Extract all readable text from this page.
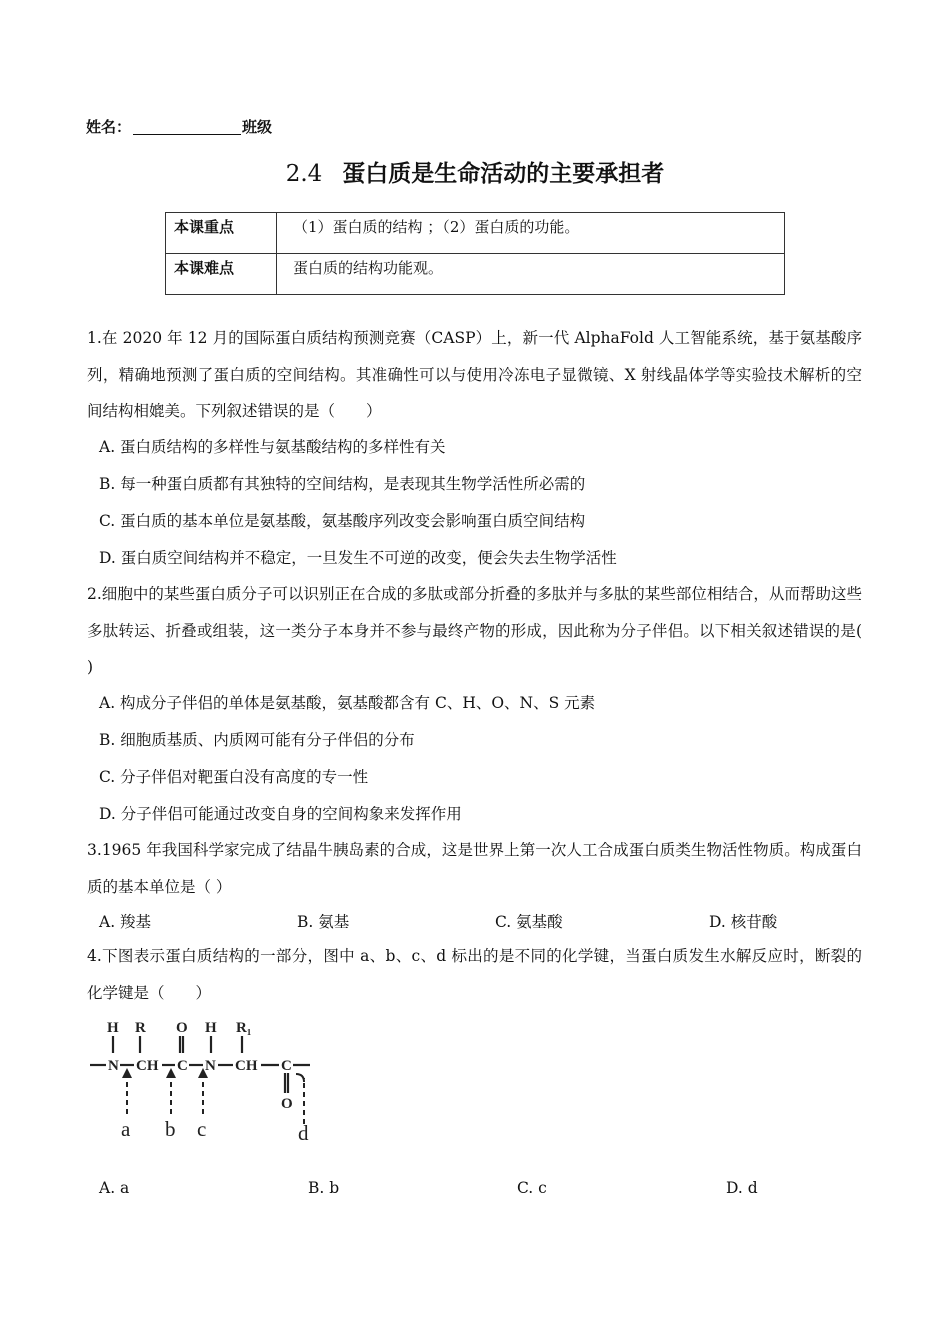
姓名：	班级
2.4 蛋白质是生命活动的主要承担者
本课重点	（1）蛋白质的结构 ；（2）蛋白质的功能。
本课难点	蛋白质的结构功能观。
1.在 2020 年 12 月的国际蛋白质结构预测竞赛（CASP）上，新一代 AlphaFold 人工智能系统，基于氨基酸序列，精确地预测了蛋白质的空间结构。其准确性可以与使用冷冻电子显微镜、X 射线晶体学等实验技术解析的空间结构相媲美。下列叙述错误的是（　　）
A. 蛋白质结构的多样性与氨基酸结构的多样性有关
B. 每一种蛋白质都有其独特的空间结构，是表现其生物学活性所必需的
C. 蛋白质的基本单位是氨基酸，氨基酸序列改变会影响蛋白质空间结构
D. 蛋白质空间结构并不稳定，一旦发生不可逆的改变，便会失去生物学活性
2.细胞中的某些蛋白质分子可以识别正在合成的多肽或部分折叠的多肽并与多肽的某些部位相结合，从而帮助这些多肽转运、折叠或组装，这一类分子本身并不参与最终产物的形成，因此称为分子伴侣。以下相关叙述错误的是( )
A. 构成分子伴侣的单体是氨基酸，氨基酸都含有 C、H、O、N、S 元素
B. 细胞质基质、内质网可能有分子伴侣的分布
C. 分子伴侣对靶蛋白没有高度的专一性
D. 分子伴侣可能通过改变自身的空间构象来发挥作用
3.1965 年我国科学家完成了结晶牛胰岛素的合成，这是世界上第一次人工合成蛋白质类生物活性物质。构成蛋白质的基本单位是（ ）
A. 羧基	B. 氨基	C. 氨基酸	D. 核苷酸
4.下图表示蛋白质结构的一部分，图中 a、b、c、d 标出的是不同的化学键，当蛋白质发生水解反应时，断裂的化学键是（　　）
H R O H R₁
N CH C N CH C
O
a b c	d
A. a	B. b	C. c	D. d
